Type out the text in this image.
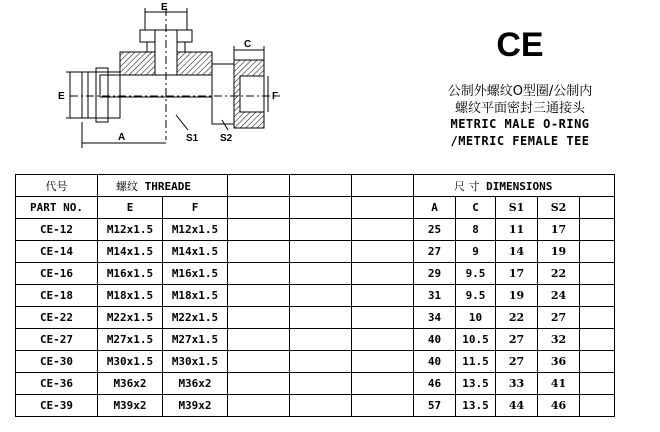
E
E
A
C
F
S1 S2
CE
公制外螺纹O型圈/公制内
螺纹平面密封三通接头
METRIC MALE O-RING
/METRIC FEMALE TEE
代号	螺纹 THREADE					尺 寸 DIMENSIONS				
PART NO.	E	F				A	C	S1	S2	
CE-12	M12x1.5	M12x1.5				25	8	11	17	
CE-14	M14x1.5	M14x1.5				27	9	14	19	
CE-16	M16x1.5	M16x1.5				29	9.5	17	22	
CE-18	M18x1.5	M18x1.5				31	9.5	19	24	
CE-22	M22x1.5	M22x1.5				34	10	22	27	
CE-27	M27x1.5	M27x1.5				40	10.5	27	32	
CE-30	M30x1.5	M30x1.5				40	11.5	27	36	
CE-36	M36x2	M36x2				46	13.5	33	41	
CE-39	M39x2	M39x2				57	13.5	44	46	
